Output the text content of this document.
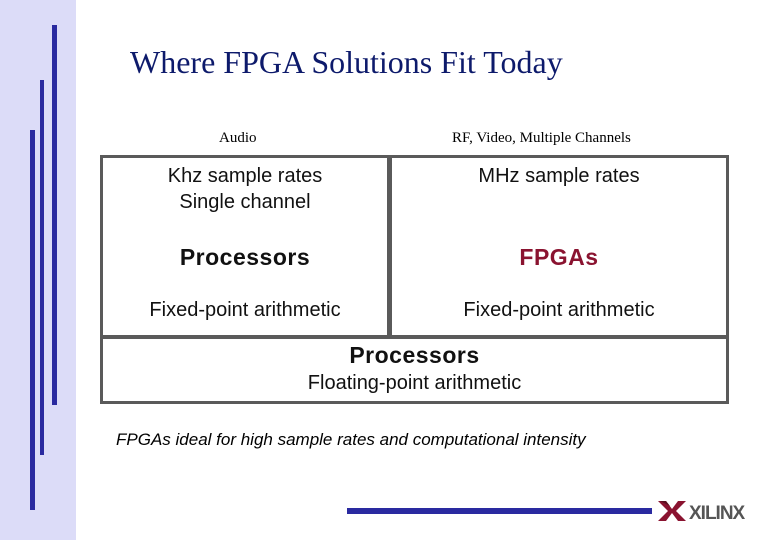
Where FPGA Solutions Fit Today
Audio	RF, Video, Multiple Channels
Khz sample rates
Single channel
Processors
Fixed-point arithmetic
MHz sample rates
FPGAs
Fixed-point arithmetic
Processors
Floating-point arithmetic
FPGAs ideal for high sample rates and computational intensity
XILINX
